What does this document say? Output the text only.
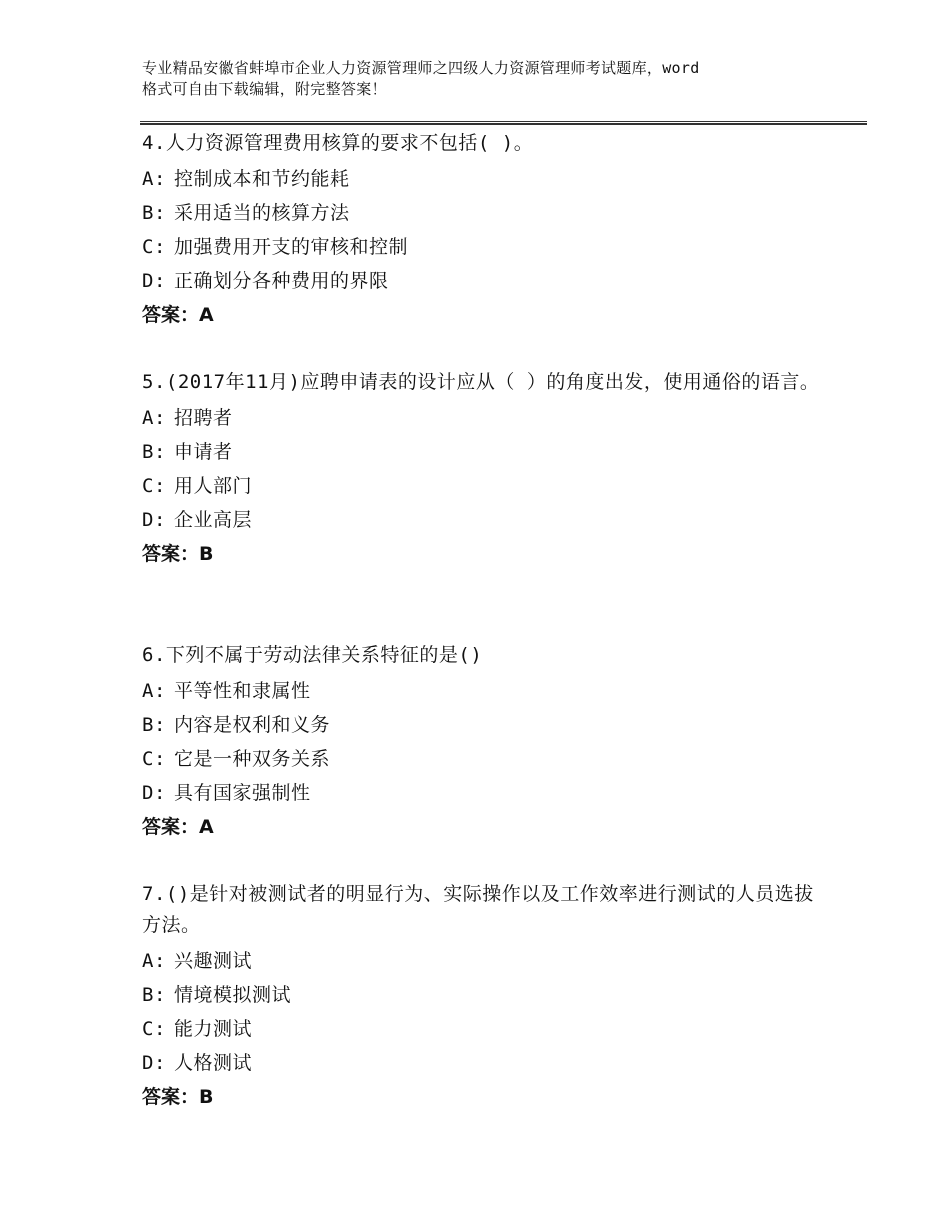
专业精品安徽省蚌埠市企业人力资源管理师之四级人力资源管理师考试题库，word
格式可自由下载编辑，附完整答案！
4.人力资源管理费用核算的要求不包括( )。
A: 控制成本和节约能耗
B: 采用适当的核算方法
C: 加强费用开支的审核和控制
D: 正确划分各种费用的界限
答案：A
5.(2017年11月)应聘申请表的设计应从（ ）的角度出发，使用通俗的语言。
A: 招聘者
B: 申请者
C: 用人部门
D: 企业高层
答案：B
6.下列不属于劳动法律关系特征的是()
A: 平等性和隶属性
B: 内容是权利和义务
C: 它是一种双务关系
D: 具有国家强制性
答案：A
7.()是针对被测试者的明显行为、实际操作以及工作效率进行测试的人员选拔方法。
A: 兴趣测试
B: 情境模拟测试
C: 能力测试
D: 人格测试
答案：B
